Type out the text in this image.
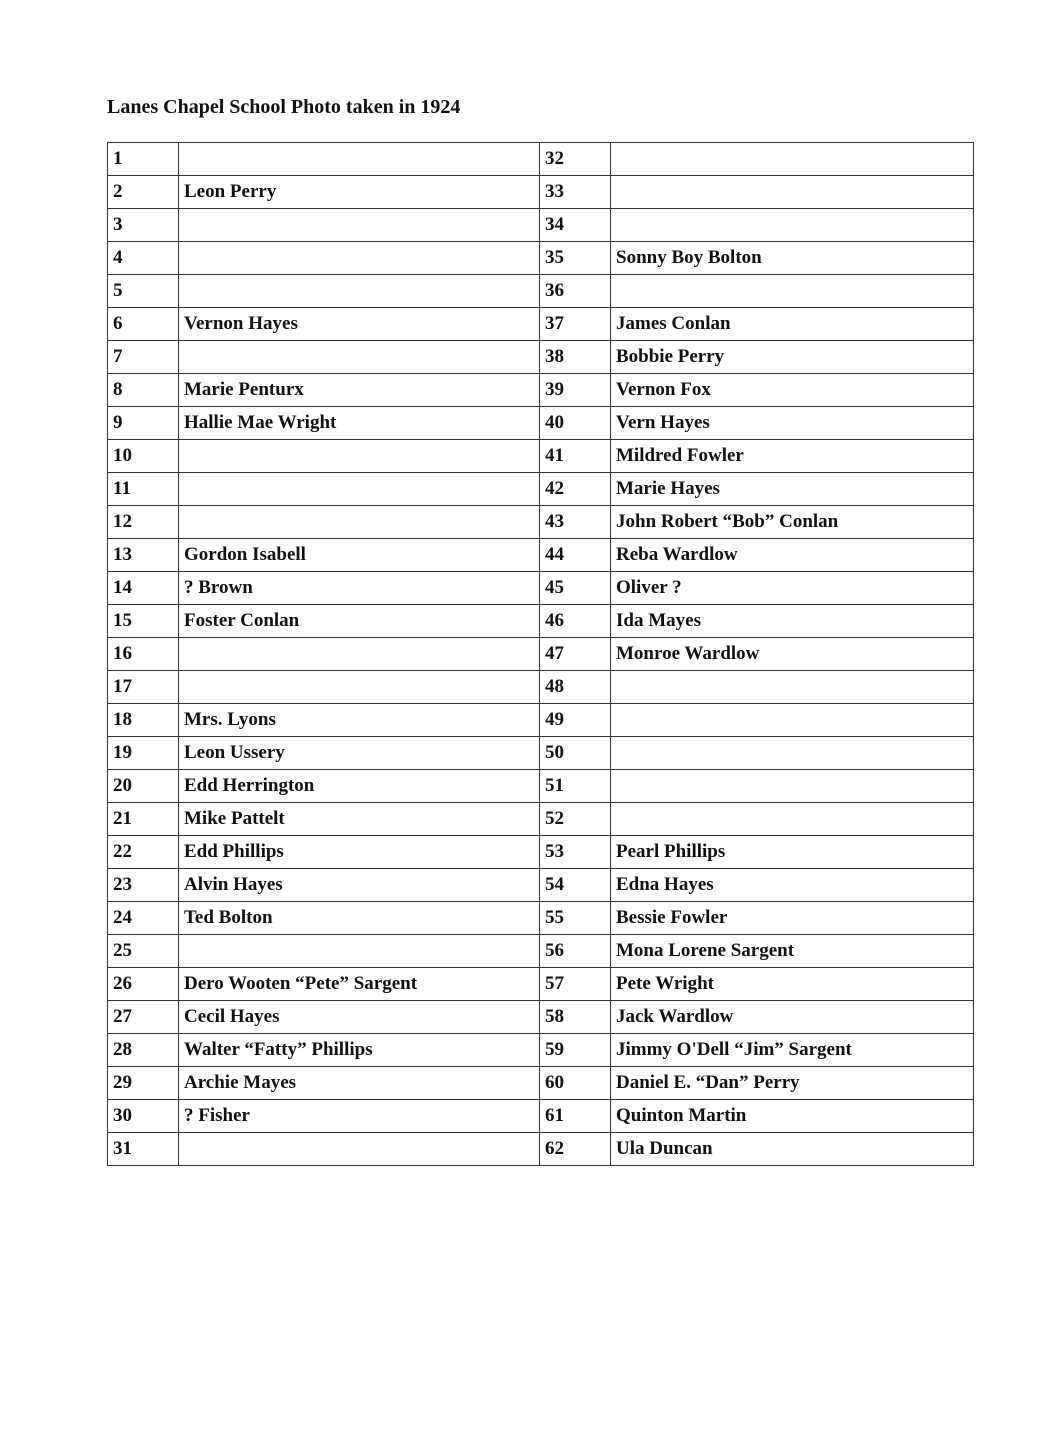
Lanes Chapel School Photo taken in 1924
1		32	
2	Leon Perry	33	
3		34	
4		35	Sonny Boy Bolton
5		36	
6	Vernon Hayes	37	James Conlan
7		38	Bobbie Perry
8	Marie Penturx	39	Vernon Fox
9	Hallie Mae Wright	40	Vern Hayes
10		41	Mildred Fowler
11		42	Marie Hayes
12		43	John Robert “Bob” Conlan
13	Gordon Isabell	44	Reba Wardlow
14	? Brown	45	Oliver ?
15	Foster Conlan	46	Ida Mayes
16		47	Monroe Wardlow
17		48	
18	Mrs. Lyons	49	
19	Leon Ussery	50	
20	Edd Herrington	51	
21	Mike Pattelt	52	
22	Edd Phillips	53	Pearl Phillips
23	Alvin Hayes	54	Edna Hayes
24	Ted Bolton	55	Bessie Fowler
25		56	Mona Lorene Sargent
26	Dero Wooten “Pete” Sargent	57	Pete Wright
27	Cecil Hayes	58	Jack Wardlow
28	Walter “Fatty” Phillips	59	Jimmy O'Dell “Jim” Sargent
29	Archie Mayes	60	Daniel E. “Dan” Perry
30	? Fisher	61	Quinton Martin
31		62	Ula Duncan
